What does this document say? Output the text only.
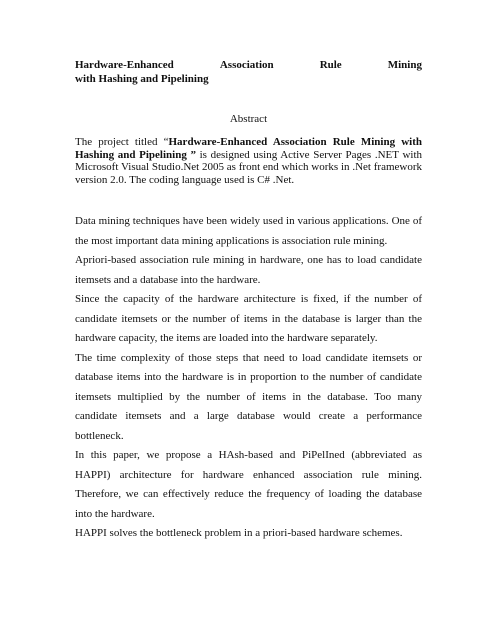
Hardware-Enhanced	Association	Rule	Mining
with Hashing and Pipelining
Abstract

The project titled “Hardware-Enhanced Association Rule Mining with Hashing and Pipelining ” is designed using Active Server Pages .NET with Microsoft Visual Studio.Net 2005 as front end which works in .Net framework version 2.0. The coding language used is C# .Net.

Data mining techniques have been widely used in various applications. One of the most important data mining applications is association rule mining.

Apriori-based association rule mining in hardware, one has to load candidate itemsets and a database into the hardware.

Since the capacity of the hardware architecture is fixed, if the number of candidate itemsets or the number of items in the database is larger than the hardware capacity, the items are loaded into the hardware separately.

The time complexity of those steps that need to load candidate itemsets or database items into the hardware is in proportion to the number of candidate itemsets multiplied by the number of items in the database. Too many candidate itemsets and a large database would create a performance bottleneck.

In this paper, we propose a HAsh-based and PiPelIned (abbreviated as HAPPI) architecture for hardware enhanced association rule mining. Therefore, we can effectively reduce the frequency of loading the database into the hardware.

HAPPI solves the bottleneck problem in a priori-based hardware schemes.
